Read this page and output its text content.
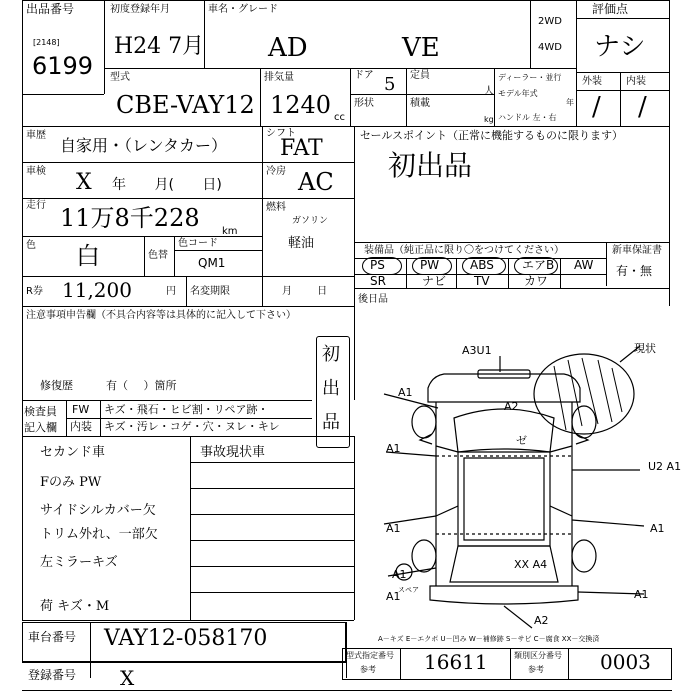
出品番号
[2148]
6199
初度登録年月
H24 7月
車名・グレード
AD	VE
2WD
4WD
評価点
ナシ
外装 内装
/ /
型式
CBE-VAY12
排気量
1240 cc
ドア 5 定員
人
ディーラー・並行
モデル年式
年
形状	積載
kg ハンドル 左・右
車歴
自家用・（レンタカー）
シフト
FAT
セールスポイント（正常に機能するものに限ります）
初出品
車検 X 年 月( 日)
冷房 AC
走行 11万8千228 km
燃料
ガソリン
軽油
色 白	色替
色コード
QM1
R券 11,200	円 名変期限	月 日
装備品（純正品に限り〇をつけてください）	新車保証書
有・無
PS	PW	ABS エアB AW
SR	ナビ TV	カワ
後日品
注意事項申告欄（不具合内容等は具体的に記入して下さい）
初
出
品
修復歴	有（ ）箇所
検査員記入欄
FW キズ・飛石・ヒビ割・リペア跡・
内装 キズ・汚レ・コゲ・穴・ヌレ・キレ
セカンド車
Fのみ PW
サイドシルカバー欠
トリム外れ、一部欠
左ミラーキズ
荷 キズ・M
事故現状車
A3U1	現状
A1
A2
A1
U2 A1
A1	A1
A1
XX A4
A1	A1
A2
ゼ
スペア
A－キズ E－エクボ U－凹み W－補修跡 S－サビ C－腐食 XX－交換済
車台番号 VAY12-058170
登録番号 X
型式指定番号
参考 16611	類別区分番号
参考	0003
